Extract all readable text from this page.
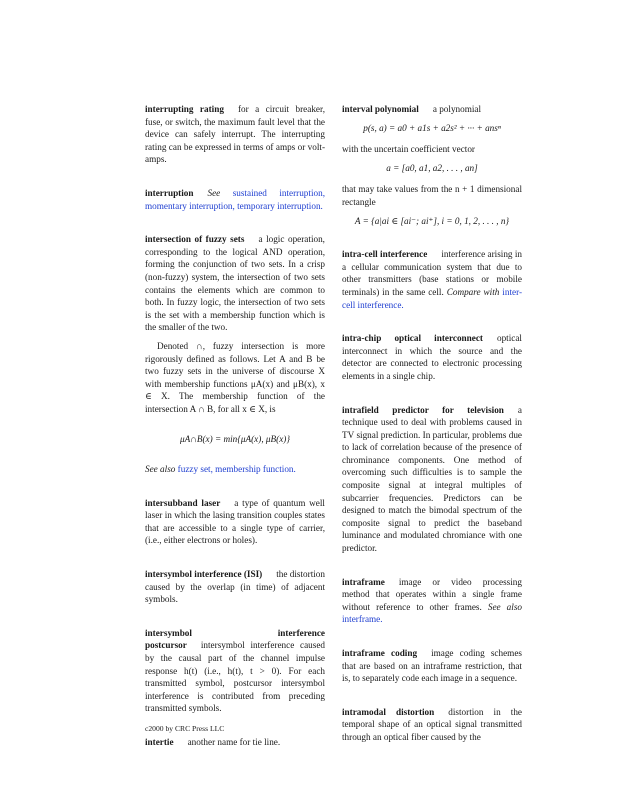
interrupting rating for a circuit breaker, fuse, or switch, the maximum fault level that the device can safely interrupt. The interrupting rating can be expressed in terms of amps or volt-amps.

interruption See sustained interruption, momentary interruption, temporary interruption.

intersection of fuzzy sets a logic operation, corresponding to the logical AND operation, forming the conjunction of two sets. In a crisp (non-fuzzy) system, the intersection of two sets contains the elements which are common to both. In fuzzy logic, the intersection of two sets is the set with a membership function which is the smaller of the two.

Denoted ∩, fuzzy intersection is more rigorously defined as follows. Let A and B be two fuzzy sets in the universe of discourse X with membership functions μA(x) and μB(x), x ∈ X. The membership function of the intersection A ∩ B, for all x ∈ X, is

μA∩B(x) = min{μA(x), μB(x)}

See also fuzzy set, membership function.

intersubband laser a type of quantum well laser in which the lasing transition couples states that are accessible to a single type of carrier, (i.e., either electrons or holes).

intersymbol interference (ISI) the distortion caused by the overlap (in time) of adjacent symbols.

intersymbol interference postcursor intersymbol interference caused by the causal part of the channel impulse response h(t) (i.e., h(t), t > 0). For each transmitted symbol, postcursor intersymbol interference is contributed from preceding transmitted symbols.

intertie another name for tie line.

interval polynomial a polynomial

p(s, a) = a0 + a1s + a2s² + ··· + ansⁿ

with the uncertain coefficient vector

a = [a0, a1, a2, . . . , an]

that may take values from the n + 1 dimensional rectangle

A = {a|ai ∈ [ai⁻; ai⁺], i = 0, 1, 2, . . . , n}

intra-cell interference interference arising in a cellular communication system that due to other transmitters (base stations or mobile terminals) in the same cell. Compare with inter-cell interference.

intra-chip optical interconnect optical interconnect in which the source and the detector are connected to electronic processing elements in a single chip.

intrafield predictor for television a technique used to deal with problems caused in TV signal prediction. In particular, problems due to lack of correlation because of the presence of chrominance components. One method of overcoming such difficulties is to sample the composite signal at integral multiples of subcarrier frequencies. Predictors can be designed to match the bimodal spectrum of the composite signal to predict the baseband luminance and modulated chromiance with one predictor.

intraframe image or video processing method that operates within a single frame without reference to other frames. See also interframe.

intraframe coding image coding schemes that are based on an intraframe restriction, that is, to separately code each image in a sequence.

intramodal distortion distortion in the temporal shape of an optical signal transmitted through an optical fiber caused by the

c2000 by CRC Press LLC
